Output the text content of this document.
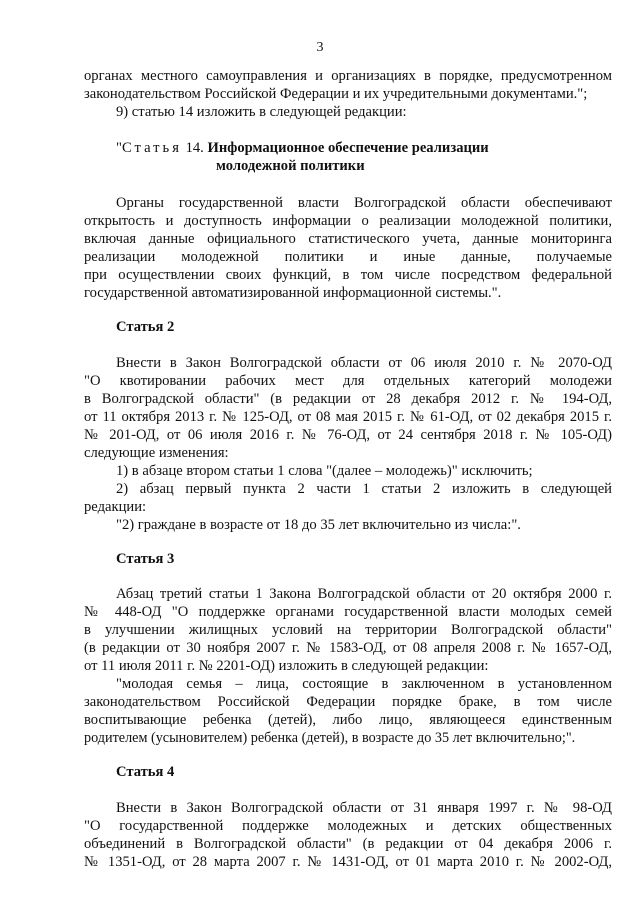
3
органах местного самоуправления и организациях в порядке, предусмотренном
законодательством Российской Федерации и их учредительными документами.";
9) статью 14 изложить в следующей редакции:
"Статья 14. Информационное обеспечение реализации
молодежной политики
Органы государственной власти Волгоградской области обеспечивают
открытость и доступность информации о реализации молодежной политики,
включая данные официального статистического учета, данные мониторинга
реализации молодежной политики и иные данные, получаемые
при осуществлении своих функций, в том числе посредством федеральной
государственной автоматизированной информационной системы.".
Статья 2
Внести в Закон Волгоградской области от 06 июля 2010 г. № 2070-ОД
"О квотировании рабочих мест для отдельных категорий молодежи
в Волгоградской области" (в редакции от 28 декабря 2012 г. № 194-ОД,
от 11 октября 2013 г. № 125-ОД, от 08 мая 2015 г. № 61-ОД, от 02 декабря 2015 г.
№ 201-ОД, от 06 июля 2016 г. № 76-ОД, от 24 сентября 2018 г. № 105-ОД)
следующие изменения:
1) в абзаце втором статьи 1 слова "(далее – молодежь)" исключить;
2) абзац первый пункта 2 части 1 статьи 2 изложить в следующей
редакции:
"2) граждане в возрасте от 18 до 35 лет включительно из числа:".
Статья 3
Абзац третий статьи 1 Закона Волгоградской области от 20 октября 2000 г.
№ 448-ОД "О поддержке органами государственной власти молодых семей
в улучшении жилищных условий на территории Волгоградской области"
(в редакции от 30 ноября 2007 г. № 1583-ОД, от 08 апреля 2008 г. № 1657-ОД,
от 11 июля 2011 г. № 2201-ОД) изложить в следующей редакции:
"молодая семья – лица, состоящие в заключенном в установленном
законодательством Российской Федерации порядке браке, в том числе
воспитывающие ребенка (детей), либо лицо, являющееся единственным
родителем (усыновителем) ребенка (детей), в возрасте до 35 лет включительно;".
Статья 4
Внести в Закон Волгоградской области от 31 января 1997 г. № 98-ОД
"О государственной поддержке молодежных и детских общественных
объединений в Волгоградской области" (в редакции от 04 декабря 2006 г.
№ 1351-ОД, от 28 марта 2007 г. № 1431-ОД, от 01 марта 2010 г. № 2002-ОД,
